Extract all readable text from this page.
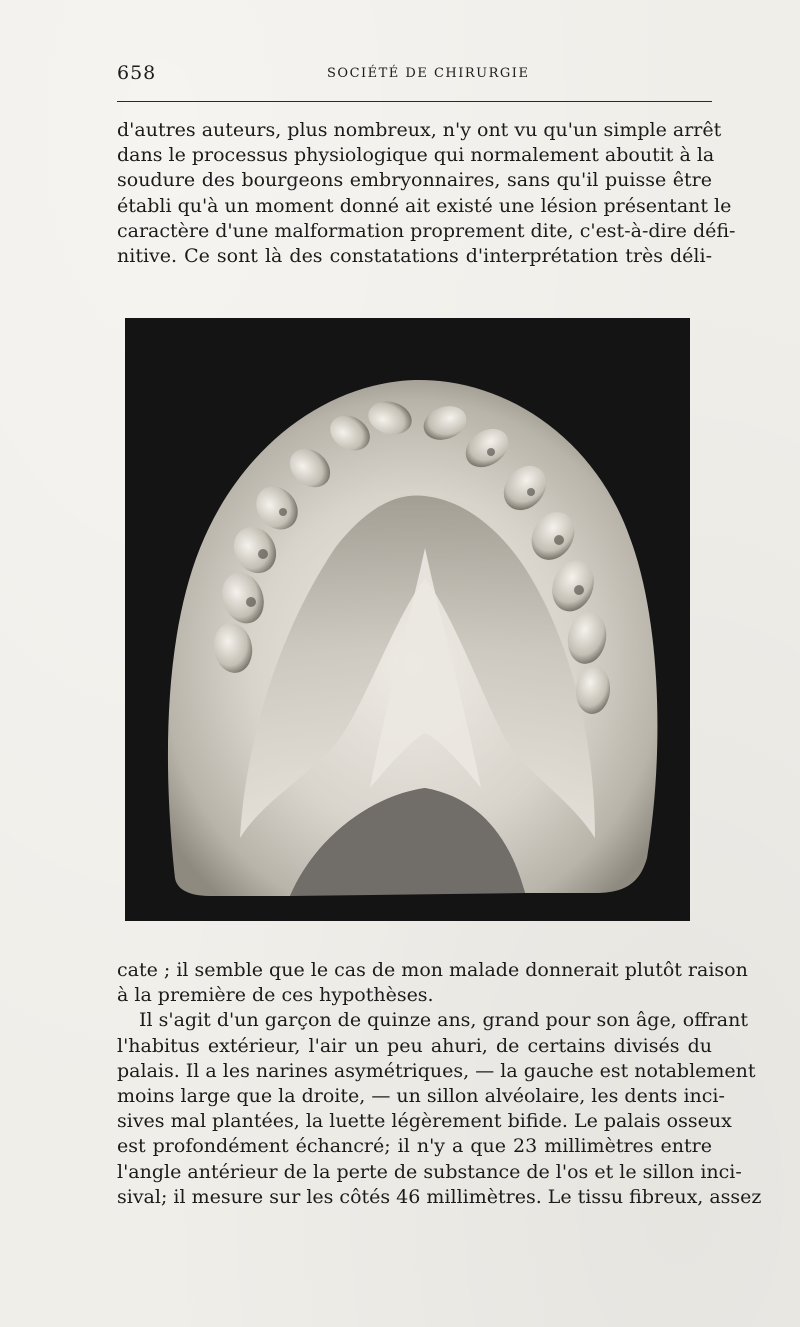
658	SOCIÉTÉ DE CHIRURGIE
d'autres auteurs, plus nombreux, n'y ont vu qu'un simple arrêt
dans le processus physiologique qui normalement aboutit à la
soudure des bourgeons embryonnaires, sans qu'il puisse être
établi qu'à un moment donné ait existé une lésion présentant le
caractère d'une malformation proprement dite, c'est-à-dire défi-
nitive. Ce sont là des constatations d'interprétation très déli-
cate ; il semble que le cas de mon malade donnerait plutôt raison
à la première de ces hypothèses.
Il s'agit d'un garçon de quinze ans, grand pour son âge, offrant
l'habitus extérieur, l'air un peu ahuri, de certains divisés du
palais. Il a les narines asymétriques, — la gauche est notablement
moins large que la droite, — un sillon alvéolaire, les dents inci-
sives mal plantées, la luette légèrement bifide. Le palais osseux
est profondément échancré; il n'y a que 23 millimètres entre
l'angle antérieur de la perte de substance de l'os et le sillon inci-
sival; il mesure sur les côtés 46 millimètres. Le tissu fibreux, assez
